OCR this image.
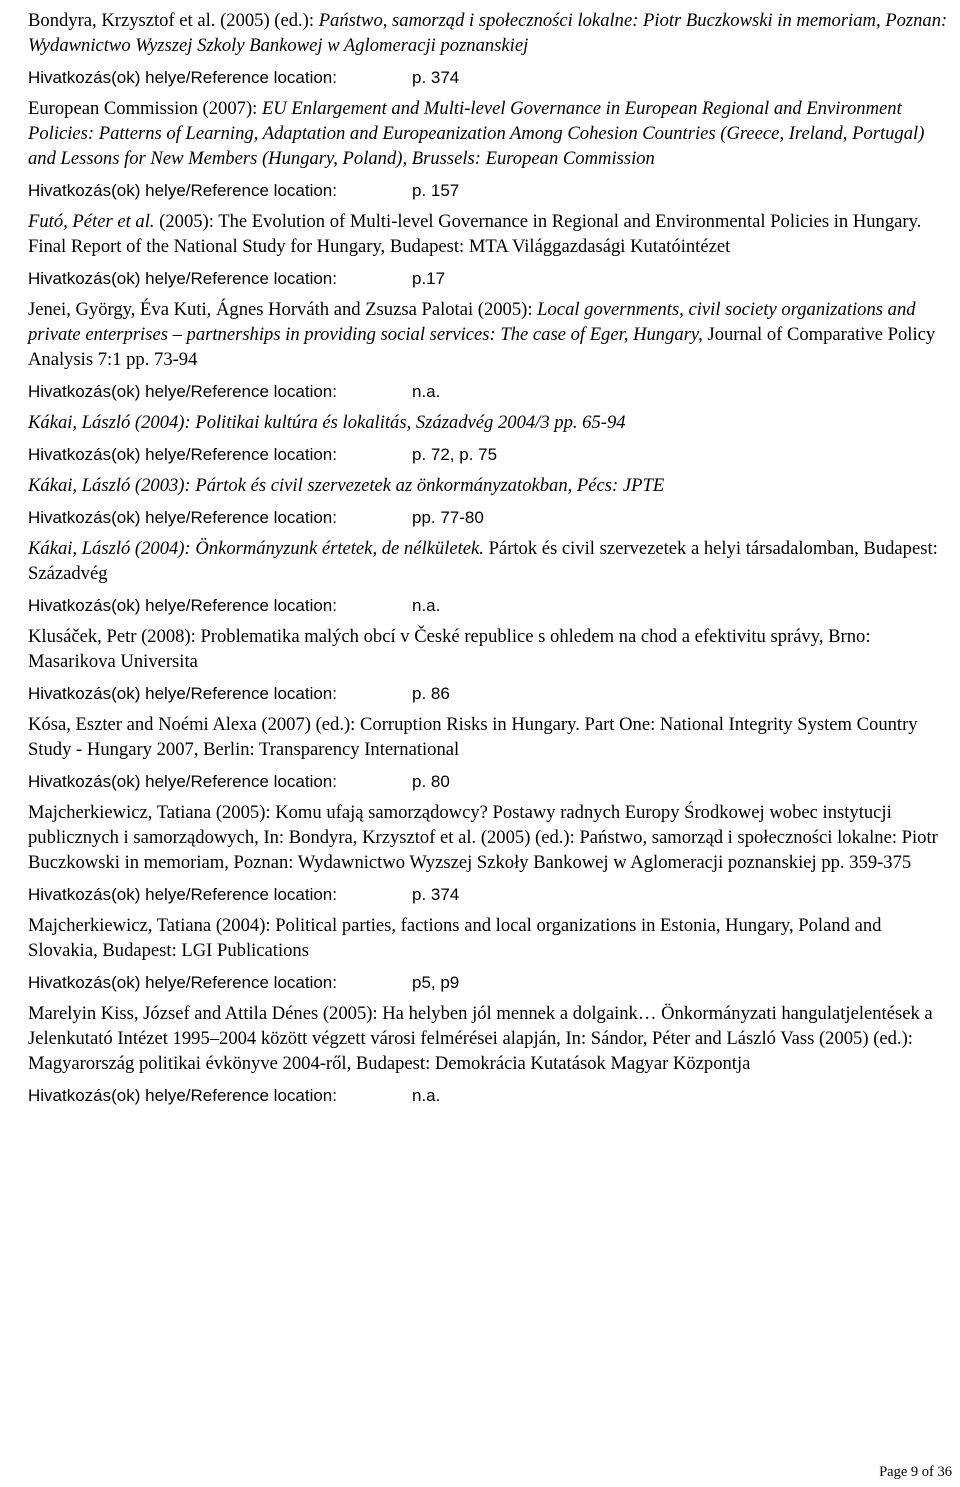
Bondyra, Krzysztof et al. (2005) (ed.): Państwo, samorząd i społeczności lokalne: Piotr Buczkowski in memoriam, Poznan: Wydawnictwo Wyzszej Szkoly Bankowej w Aglomeracji poznanskiej

Hivatkozás(ok) helye/Reference location:	p. 374

European Commission (2007): EU Enlargement and Multi-level Governance in European Regional and Environment Policies: Patterns of Learning, Adaptation and Europeanization Among Cohesion Countries (Greece, Ireland, Portugal) and Lessons for New Members (Hungary, Poland), Brussels: European Commission

Hivatkozás(ok) helye/Reference location:	p. 157

Futó, Péter et al. (2005): The Evolution of Multi-level Governance in Regional and Environmental Policies in Hungary. Final Report of the National Study for Hungary, Budapest: MTA Világgazdasági Kutatóintézet

Hivatkozás(ok) helye/Reference location:	p.17

Jenei, György, Éva Kuti, Ágnes Horváth and Zsuzsa Palotai (2005): Local governments, civil society organizations and private enterprises – partnerships in providing social services: The case of Eger, Hungary, Journal of Comparative Policy Analysis 7:1 pp. 73-94

Hivatkozás(ok) helye/Reference location:	n.a.

Kákai, László (2004): Politikai kultúra és lokalitás, Századvég 2004/3 pp. 65-94

Hivatkozás(ok) helye/Reference location:	p. 72, p. 75

Kákai, László (2003): Pártok és civil szervezetek az önkormányzatokban, Pécs: JPTE

Hivatkozás(ok) helye/Reference location:	pp. 77-80

Kákai, László (2004): Önkormányzunk értetek, de nélkületek. Pártok és civil szervezetek a helyi társadalomban, Budapest: Századvég

Hivatkozás(ok) helye/Reference location:	n.a.

Klusáček, Petr (2008): Problematika malých obcí v České republice s ohledem na chod a efektivitu správy, Brno: Masarikova Universita

Hivatkozás(ok) helye/Reference location:	p. 86

Kósa, Eszter and Noémi Alexa (2007) (ed.): Corruption Risks in Hungary. Part One: National Integrity System Country Study - Hungary 2007, Berlin: Transparency International

Hivatkozás(ok) helye/Reference location:	p. 80

Majcherkiewicz, Tatiana (2005): Komu ufają samorządowcy? Postawy radnych Europy Środkowej wobec instytucji publicznych i samorządowych, In: Bondyra, Krzysztof et al. (2005) (ed.): Państwo, samorząd i społeczności lokalne: Piotr Buczkowski in memoriam, Poznan: Wydawnictwo Wyzszej Szkoły Bankowej w Aglomeracji poznanskiej pp. 359-375

Hivatkozás(ok) helye/Reference location:	p. 374

Majcherkiewicz, Tatiana (2004): Political parties, factions and local organizations in Estonia, Hungary, Poland and Slovakia, Budapest: LGI Publications

Hivatkozás(ok) helye/Reference location:	p5, p9

Marelyin Kiss, József and Attila Dénes (2005): Ha helyben jól mennek a dolgaink… Önkormányzati hangulatjelentések a Jelenkutató Intézet 1995–2004 között végzett városi felmérései alapján, In: Sándor, Péter and László Vass (2005) (ed.): Magyarország politikai évkönyve 2004-ről, Budapest: Demokrácia Kutatások Magyar Központja

Hivatkozás(ok) helye/Reference location:	n.a.
Page 9 of 36
